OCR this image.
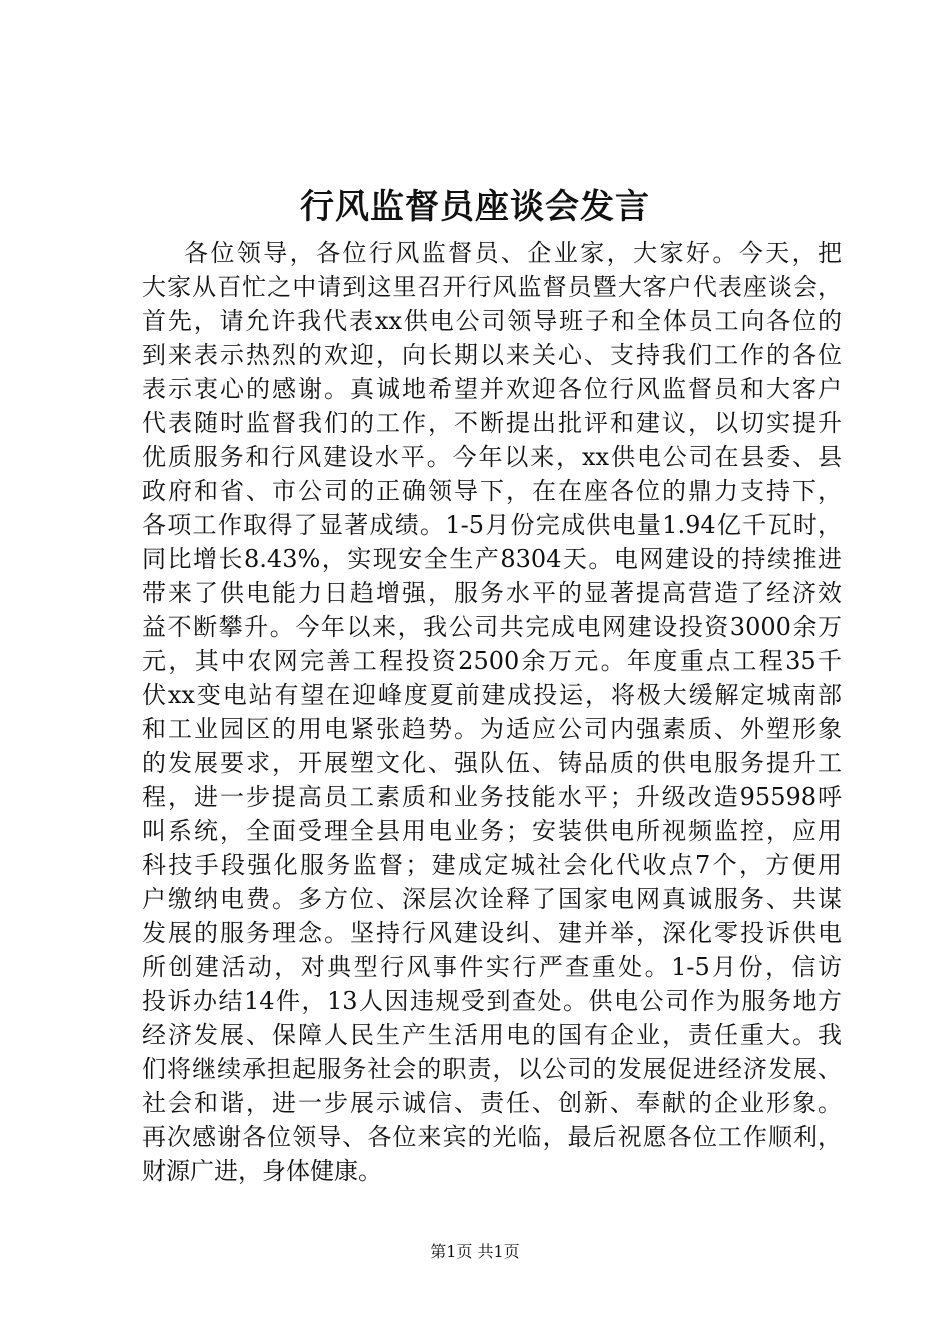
行风监督员座谈会发言
各位领导，各位行风监督员、企业家，大家好。今天，把
大家从百忙之中请到这里召开行风监督员暨大客户代表座谈会，
首先，请允许我代表xx供电公司领导班子和全体员工向各位的
到来表示热烈的欢迎，向长期以来关心、支持我们工作的各位
表示衷心的感谢。真诚地希望并欢迎各位行风监督员和大客户
代表随时监督我们的工作，不断提出批评和建议，以切实提升
优质服务和行风建设水平。今年以来，xx供电公司在县委、县
政府和省、市公司的正确领导下，在在座各位的鼎力支持下，
各项工作取得了显著成绩。1-5月份完成供电量1.94亿千瓦时，
同比增长8.43%，实现安全生产8304天。电网建设的持续推进
带来了供电能力日趋增强，服务水平的显著提高营造了经济效
益不断攀升。今年以来，我公司共完成电网建设投资3000余万
元，其中农网完善工程投资2500余万元。年度重点工程35千
伏xx变电站有望在迎峰度夏前建成投运，将极大缓解定城南部
和工业园区的用电紧张趋势。为适应公司内强素质、外塑形象
的发展要求，开展塑文化、强队伍、铸品质的供电服务提升工
程，进一步提高员工素质和业务技能水平；升级改造95598呼
叫系统，全面受理全县用电业务；安装供电所视频监控，应用
科技手段强化服务监督；建成定城社会化代收点7个，方便用
户缴纳电费。多方位、深层次诠释了国家电网真诚服务、共谋
发展的服务理念。坚持行风建设纠、建并举，深化零投诉供电
所创建活动，对典型行风事件实行严查重处。1-5月份，信访
投诉办结14件，13人因违规受到查处。供电公司作为服务地方
经济发展、保障人民生产生活用电的国有企业，责任重大。我
们将继续承担起服务社会的职责，以公司的发展促进经济发展、
社会和谐，进一步展示诚信、责任、创新、奉献的企业形象。
再次感谢各位领导、各位来宾的光临，最后祝愿各位工作顺利，
财源广进，身体健康。
第1页 共1页
